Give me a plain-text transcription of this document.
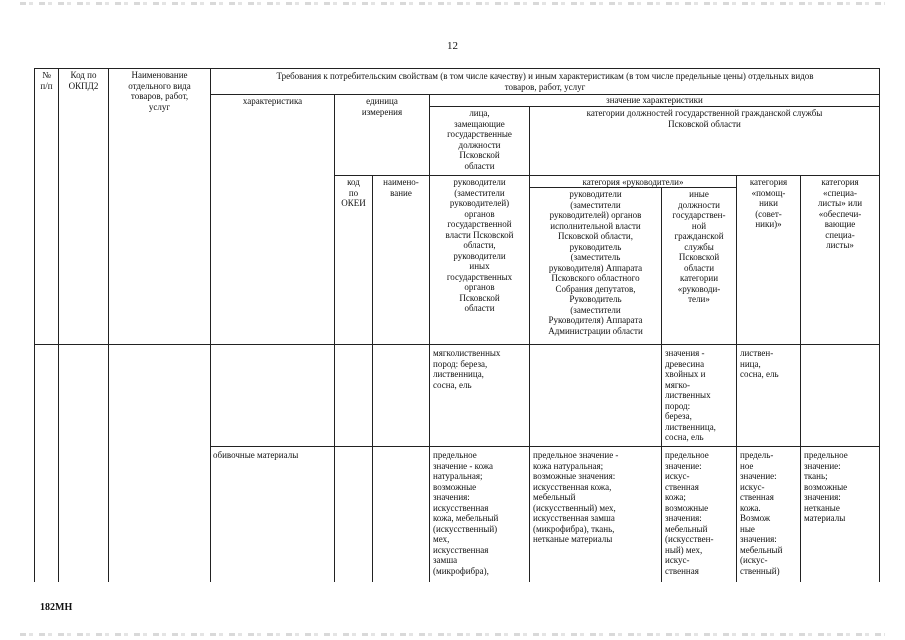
12
№
п/п
Код по
ОКПД2
Наименование
отдельного вида
товаров, работ,
услуг
Требования к потребительским свойствам (в том числе качеству) и иным характеристикам (в том числе предельные цены) отдельных видов
товаров, работ, услуг
характеристика	единица
измерения
значение характеристики
лица,
замещающие
государственные
должности
Псковской
области
категории должностей государственной гражданской службы
Псковской области
код
по
ОКЕИ
наимено-
вание
руководители
(заместители
руководителей)
органов
государственной
власти Псковской
области,
руководители
иных
государственных
органов
Псковской
области
категория «руководители»
руководители
(заместители
руководителей) органов
исполнительной власти
Псковской области,
руководитель
(заместитель
руководителя) Аппарата
Псковского областного
Собрания депутатов,
Руководитель
(заместители
Руководителя) Аппарата
Администрации области
иные
должности
государствен-
ной
гражданской
службы
Псковской
области
категории
«руководи-
тели»
категория
«помощ-
ники
(совет-
ники)»
категория
«специа-
листы» или
«обеспечи-
вающие
специа-
листы»
мягколиственных
пород: береза,
лиственница,
сосна, ель
значения -
древесина
хвойных и
мягко-
лиственных
пород:
береза,
лиственница,
сосна, ель
листвен-
ница,
сосна, ель
обивочные материалы	предельное
значение - кожа
натуральная;
возможные
значения:
искусственная
кожа, мебельный
(искусственный)
мех,
искусственная
замша
(микрофибра),
предельное значение -
кожа натуральная;
возможные значения:
искусственная кожа,
мебельный
(искусственный) мех,
искусственная замша
(микрофибра), ткань,
нетканые материалы
предельное
значение:
искус-
ственная
кожа;
возможные
значения:
мебельный
(искусствен-
ный) мех,
искус-
ственная
предель-
ное
значение:
искус-
ственная
кожа.
Возмож
ные
значения:
мебельный
(искус-
ственный)
предельное
значение:
ткань;
возможные
значения:
нетканые
материалы
182МН
